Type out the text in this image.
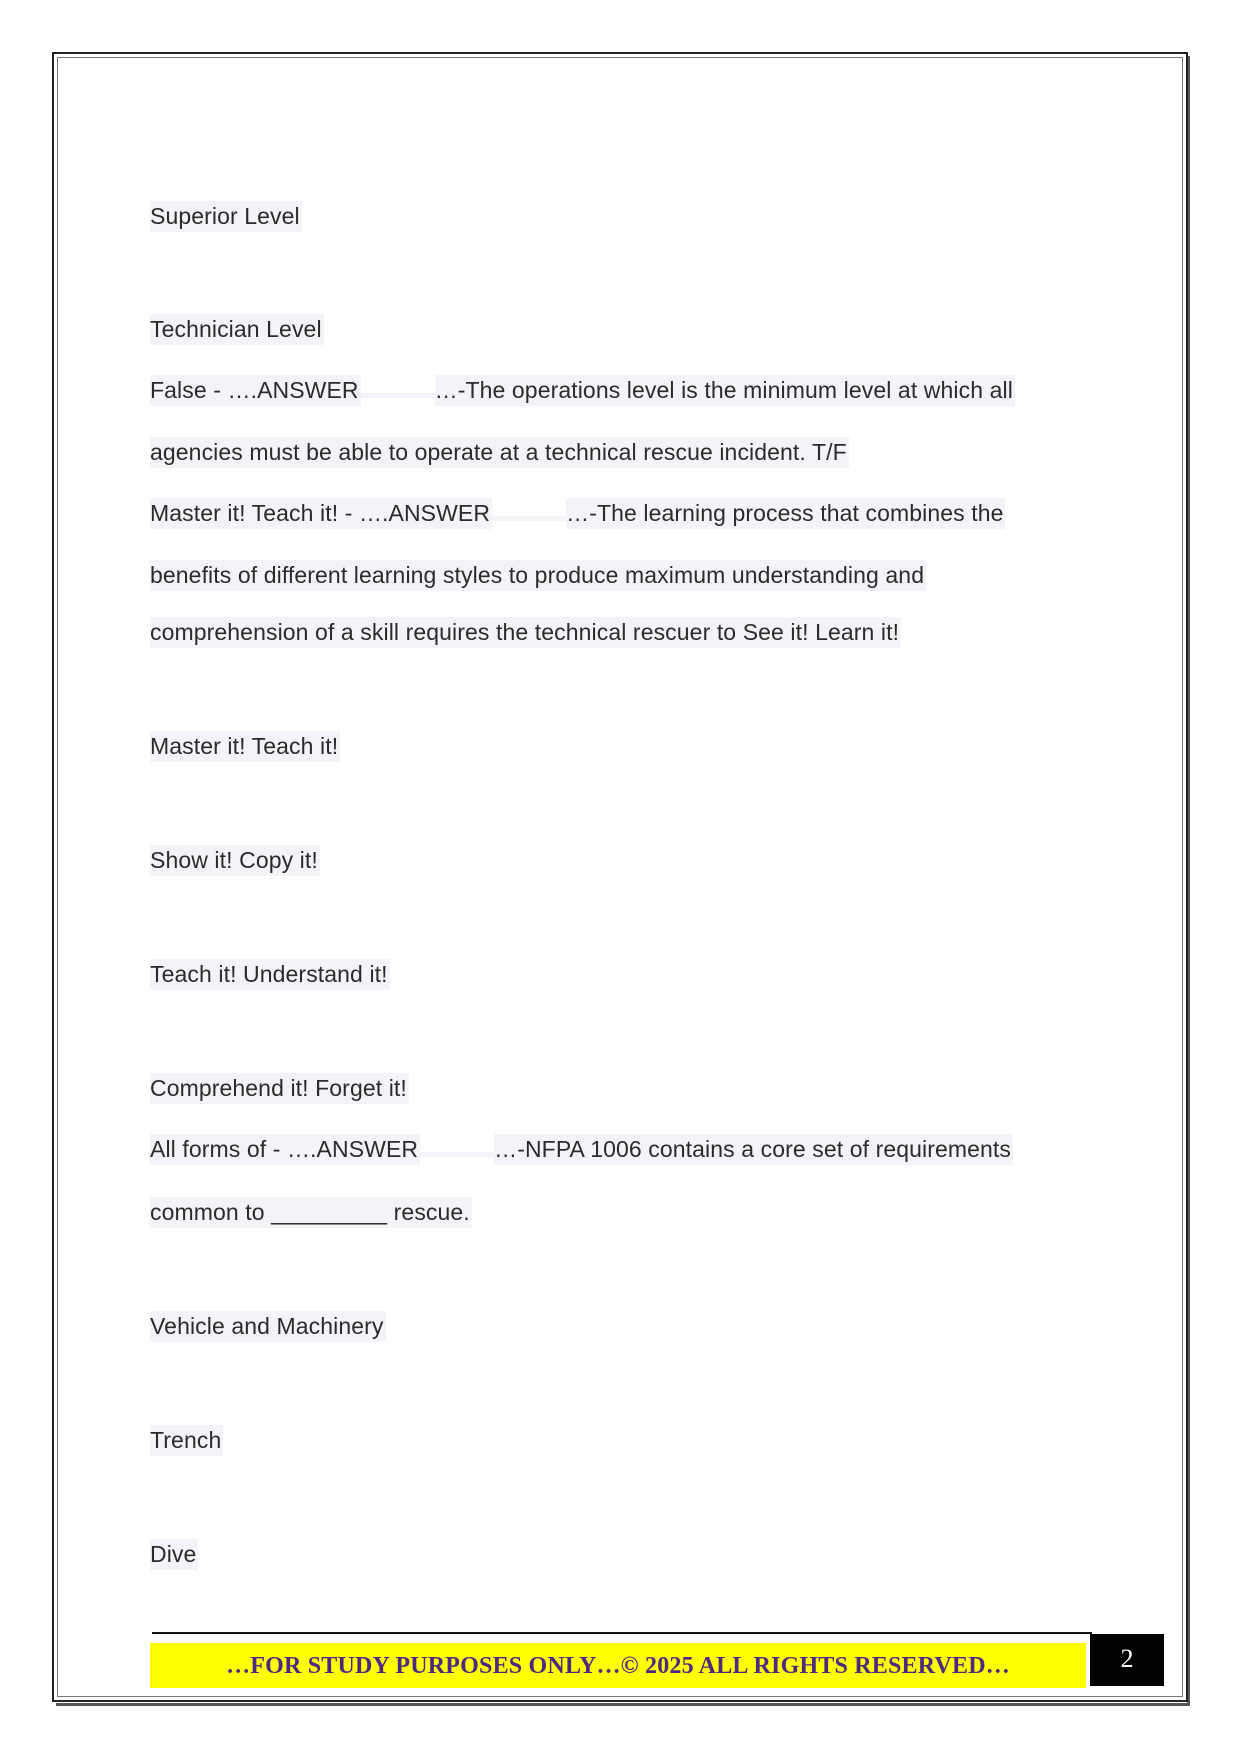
Superior Level
Technician Level
False - ….ANSWER	…-The operations level is the minimum level at which all
agencies must be able to operate at a technical rescue incident. T/F
Master it! Teach it! - ….ANSWER	…-The learning process that combines the
benefits of different learning styles to produce maximum understanding and
comprehension of a skill requires the technical rescuer to See it! Learn it!
Master it! Teach it!
Show it! Copy it!
Teach it! Understand it!
Comprehend it! Forget it!
All forms of - ….ANSWER	…-NFPA 1006 contains a core set of requirements
common to _________ rescue.
Vehicle and Machinery
Trench
Dive
…FOR STUDY PURPOSES ONLY…© 2025 ALL RIGHTS RESERVED…	2
